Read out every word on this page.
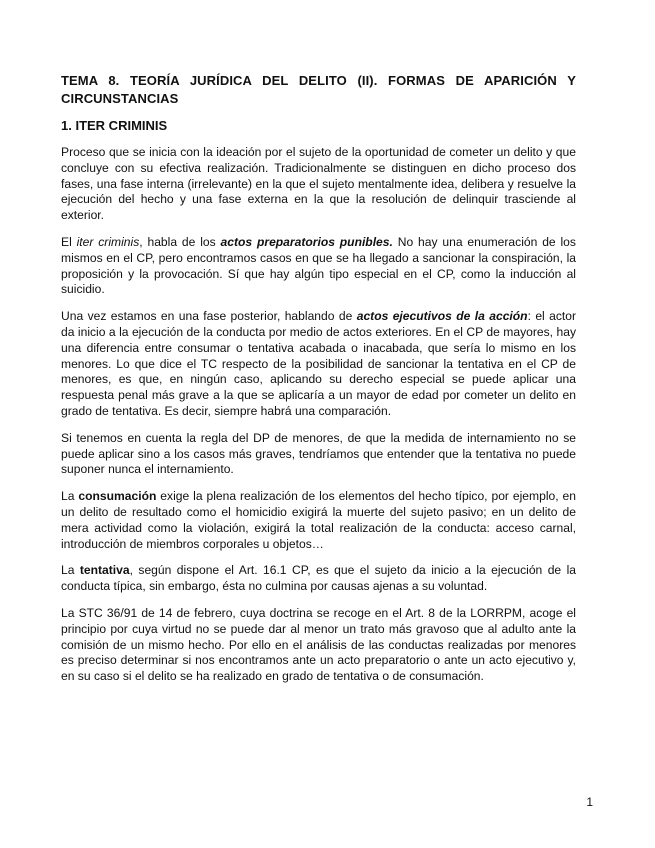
TEMA 8. TEORÍA JURÍDICA DEL DELITO (II). FORMAS DE APARICIÓN Y CIRCUNSTANCIAS
1. ITER CRIMINIS

Proceso que se inicia con la ideación por el sujeto de la oportunidad de cometer un delito y que concluye con su efectiva realización. Tradicionalmente se distinguen en dicho proceso dos fases, una fase interna (irrelevante) en la que el sujeto mentalmente idea, delibera y resuelve la ejecución del hecho y una fase externa en la que la resolución de delinquir trasciende al exterior.

El iter criminis, habla de los actos preparatorios punibles. No hay una enumeración de los mismos en el CP, pero encontramos casos en que se ha llegado a sancionar la conspiración, la proposición y la provocación. Sí que hay algún tipo especial en el CP, como la inducción al suicidio.

Una vez estamos en una fase posterior, hablando de actos ejecutivos de la acción: el actor da inicio a la ejecución de la conducta por medio de actos exteriores. En el CP de mayores, hay una diferencia entre consumar o tentativa acabada o inacabada, que sería lo mismo en los menores. Lo que dice el TC respecto de la posibilidad de sancionar la tentativa en el CP de menores, es que, en ningún caso, aplicando su derecho especial se puede aplicar una respuesta penal más grave a la que se aplicaría a un mayor de edad por cometer un delito en grado de tentativa. Es decir, siempre habrá una comparación.

Si tenemos en cuenta la regla del DP de menores, de que la medida de internamiento no se puede aplicar sino a los casos más graves, tendríamos que entender que la tentativa no puede suponer nunca el internamiento.

La consumación exige la plena realización de los elementos del hecho típico, por ejemplo, en un delito de resultado como el homicidio exigirá la muerte del sujeto pasivo; en un delito de mera actividad como la violación, exigirá la total realización de la conducta: acceso carnal, introducción de miembros corporales u objetos…

La tentativa, según dispone el Art. 16.1 CP, es que el sujeto da inicio a la ejecución de la conducta típica, sin embargo, ésta no culmina por causas ajenas a su voluntad.

La STC 36/91 de 14 de febrero, cuya doctrina se recoge en el Art. 8 de la LORRPM, acoge el principio por cuya virtud no se puede dar al menor un trato más gravoso que al adulto ante la comisión de un mismo hecho. Por ello en el análisis de las conductas realizadas por menores es preciso determinar si nos encontramos ante un acto preparatorio o ante un acto ejecutivo y, en su caso si el delito se ha realizado en grado de tentativa o de consumación.

1
